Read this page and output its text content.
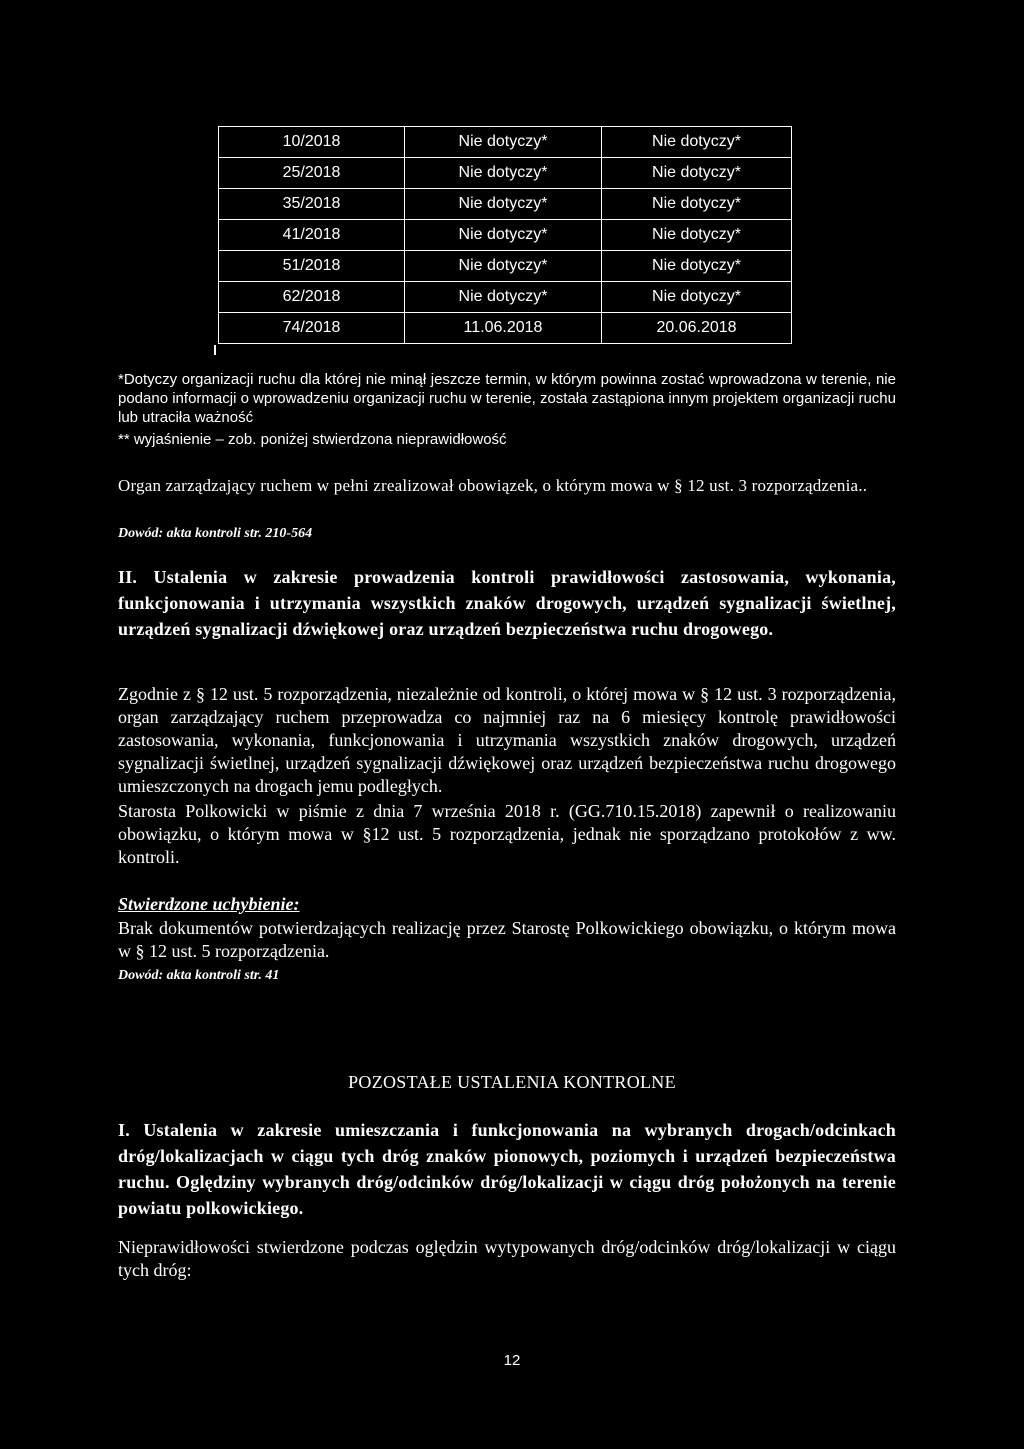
10/2018	Nie dotyczy*	Nie dotyczy*
25/2018	Nie dotyczy*	Nie dotyczy*
35/2018	Nie dotyczy*	Nie dotyczy*
41/2018	Nie dotyczy*	Nie dotyczy*
51/2018	Nie dotyczy*	Nie dotyczy*
62/2018	Nie dotyczy*	Nie dotyczy*
74/2018	11.06.2018	20.06.2018
*Dotyczy organizacji ruchu dla której nie minął jeszcze termin, w którym powinna zostać wprowadzona w terenie, nie podano informacji o wprowadzeniu organizacji ruchu w terenie, została zastąpiona innym projektem organizacji ruchu lub utraciła ważność
** wyjaśnienie – zob. poniżej stwierdzona nieprawidłowość
Organ zarządzający ruchem w pełni zrealizował obowiązek, o którym mowa w § 12 ust. 3 rozporządzenia..
Dowód: akta kontroli str. 210-564
II. Ustalenia w zakresie prowadzenia kontroli prawidłowości zastosowania, wykonania, funkcjonowania i utrzymania wszystkich znaków drogowych, urządzeń sygnalizacji świetlnej, urządzeń sygnalizacji dźwiękowej oraz urządzeń bezpieczeństwa ruchu drogowego.
Zgodnie z § 12 ust. 5 rozporządzenia, niezależnie od kontroli, o której mowa w § 12 ust. 3 rozporządzenia, organ zarządzający ruchem przeprowadza co najmniej raz na 6 miesięcy kontrolę prawidłowości zastosowania, wykonania, funkcjonowania i utrzymania wszystkich znaków drogowych, urządzeń sygnalizacji świetlnej, urządzeń sygnalizacji dźwiękowej oraz urządzeń bezpieczeństwa ruchu drogowego umieszczonych na drogach jemu podległych.
Starosta Polkowicki w piśmie z dnia 7 września 2018 r. (GG.710.15.2018) zapewnił o realizowaniu obowiązku, o którym mowa w §12 ust. 5 rozporządzenia, jednak nie sporządzano protokołów z ww. kontroli.
Stwierdzone uchybienie:
Brak dokumentów potwierdzających realizację przez Starostę Polkowickiego obowiązku, o którym mowa w § 12 ust. 5 rozporządzenia.
Dowód: akta kontroli str. 41
POZOSTAŁE USTALENIA KONTROLNE
I. Ustalenia w zakresie umieszczania i funkcjonowania na wybranych drogach/odcinkach dróg/lokalizacjach w ciągu tych dróg znaków pionowych, poziomych i urządzeń bezpieczeństwa ruchu. Oględziny wybranych dróg/odcinków dróg/lokalizacji w ciągu dróg położonych na terenie powiatu polkowickiego.
Nieprawidłowości stwierdzone podczas oględzin wytypowanych dróg/odcinków dróg/lokalizacji w ciągu tych dróg:
12
